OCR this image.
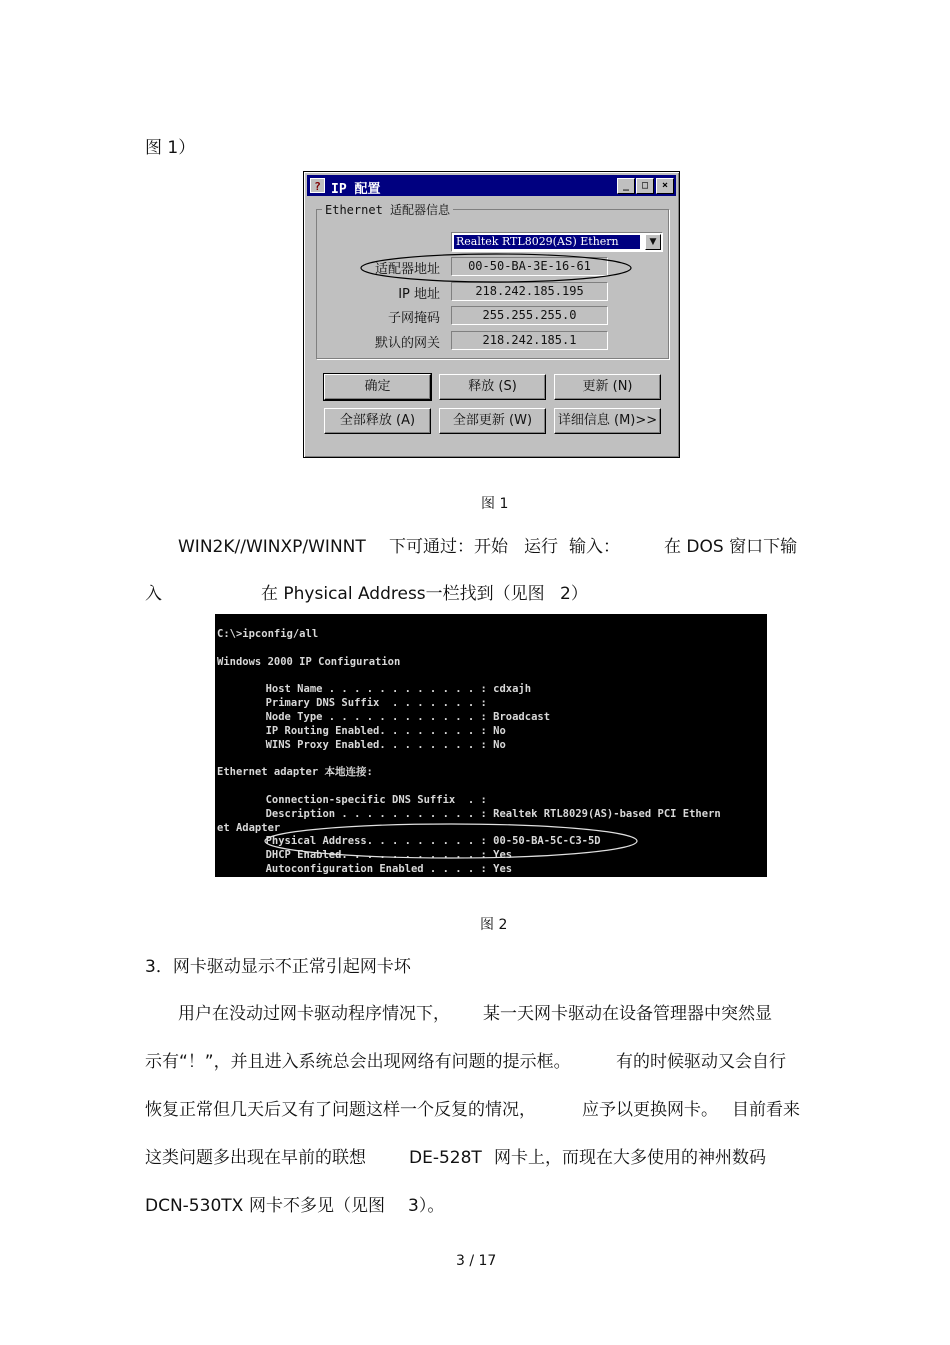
图 1）
? IP 配置	_	□	×
Ethernet 适配器信息
Realtek RTL8029(AS) Ethern	▼
适配器地址	00-50-BA-3E-16-61
IP 地址	218.242.185.195
子网掩码	255.255.255.0
默认的网关	218.242.185.1
确定	释放 (S)	更新 (N)
全部释放 (A)	全部更新 (W)	详细信息 (M)>>
图 1
WIN2K//WINXP/WINNT 下可通过：开始 运行 输入：	在 DOS 窗口下输
入	在 Physical Address一栏找到（见图 2）
C:\>ipconfig/all
Windows 2000 IP Configuration
Host Name . . . . . . . . . . . . : cdxajh
Primary DNS Suffix  . . . . . . . :
Node Type . . . . . . . . . . . . : Broadcast
IP Routing Enabled. . . . . . . . : No
WINS Proxy Enabled. . . . . . . . : No
Ethernet adapter 本地连接:
Connection-specific DNS Suffix  . :
Description . . . . . . . . . . . : Realtek RTL8029(AS)-based PCI Ethern
et Adapter
Physical Address. . . . . . . . . : 00-50-BA-5C-C3-5D
DHCP Enabled. . . . . . . . . . . : Yes
Autoconfiguration Enabled . . . . : Yes
图 2
3．网卡驱动显示不正常引起网卡坏
用户在没动过网卡驱动程序情况下， 某一天网卡驱动在设备管理器中突然显
示有“！”，并且进入系统总会出现网络有问题的提示框。	有的时候驱动又会自行
恢复正常但几天后又有了问题这样一个反复的情况，	应予以更换网卡。 目前看来
这类问题多出现在早前的联想	DE-528T 网卡上，而现在大多使用的神州数码
DCN-530TX 网卡不多见（见图 3）。
3 / 17
